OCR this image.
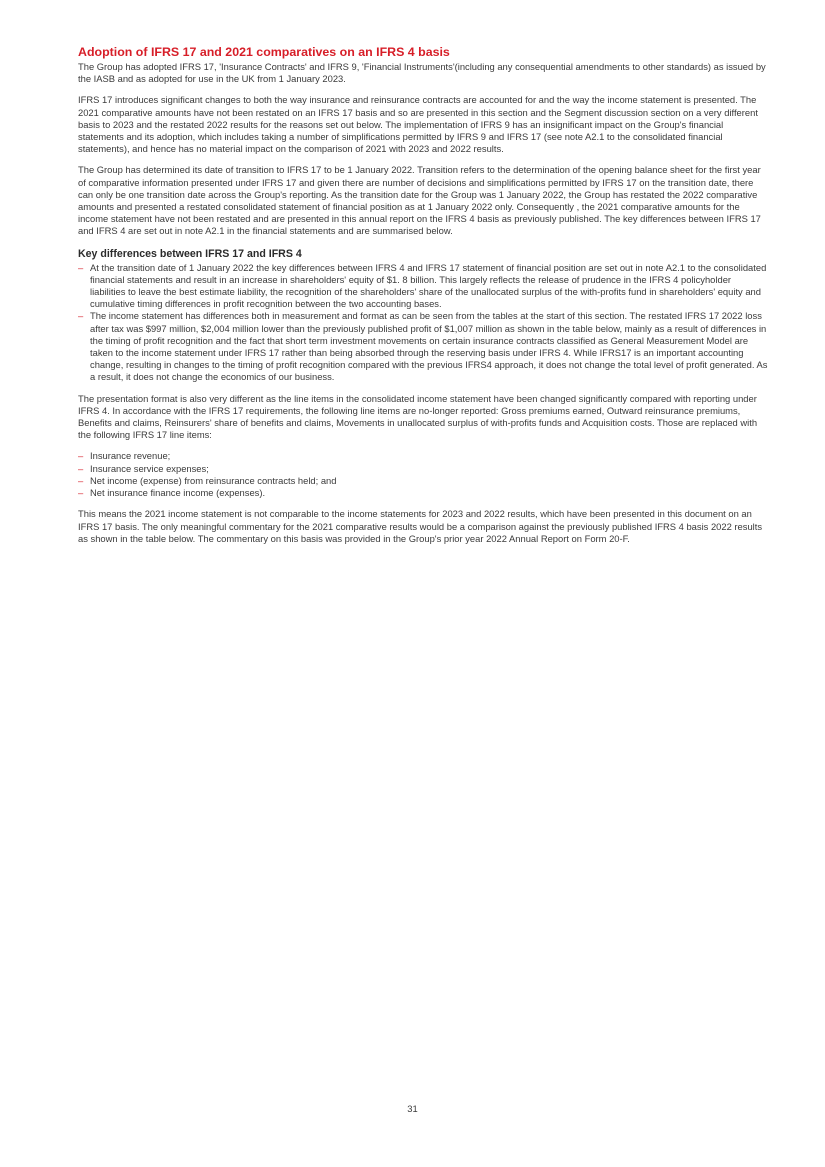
Adoption of IFRS 17 and 2021 comparatives on an IFRS 4 basis

The Group has adopted IFRS 17, 'Insurance Contracts' and IFRS 9, 'Financial Instruments'(including any consequential amendments to other standards) as issued by the IASB and as adopted for use in the UK from 1 January 2023.

IFRS 17 introduces significant changes to both the way insurance and reinsurance contracts are accounted for and the way the income statement is presented. The 2021 comparative amounts have not been restated on an IFRS 17 basis and so are presented in this section and the Segment discussion section on a very different basis to 2023 and the restated 2022 results for the reasons set out below. The implementation of IFRS 9 has an insignificant impact on the Group's financial statements and its adoption, which includes taking a number of simplifications permitted by IFRS 9 and IFRS 17 (see note A2.1 to the consolidated financial statements), and hence has no material impact on the comparison of 2021 with 2023 and 2022 results.

The Group has determined its date of transition to IFRS 17 to be 1 January 2022. Transition refers to the determination of the opening balance sheet for the first year of comparative information presented under IFRS 17 and given there are number of decisions and simplifications permitted by IFRS 17 on the transition date, there can only be one transition date across the Group's reporting. As the transition date for the Group was 1 January 2022, the Group has restated the 2022 comparative amounts and presented a restated consolidated statement of financial position as at 1 January 2022 only. Consequently , the 2021 comparative amounts for the income statement have not been restated and are presented in this annual report on the IFRS 4 basis as previously published. The key differences between IFRS 17 and IFRS 4 are set out in note A2.1 in the financial statements and are summarised below.

Key differences between IFRS 17 and IFRS 4
– At the transition date of 1 January 2022 the key differences between IFRS 4 and IFRS 17 statement of financial position are set out in note A2.1 to the consolidated financial statements and result in an increase in shareholders' equity of $1. 8 billion. This largely reflects the release of prudence in the IFRS 4 policyholder liabilities to leave the best estimate liability, the recognition of the shareholders' share of the unallocated surplus of the with-profits fund in shareholders' equity and cumulative timing differences in profit recognition between the two accounting bases.
– The income statement has differences both in measurement and format as can be seen from the tables at the start of this section. The restated IFRS 17 2022 loss after tax was $997 million, $2,004 million lower than the previously published profit of $1,007 million as shown in the table below, mainly as a result of differences in the timing of profit recognition and the fact that short term investment movements on certain insurance contracts classified as General Measurement Model are taken to the income statement under IFRS 17 rather than being absorbed through the reserving basis under IFRS 4. While IFRS17 is an important accounting change, resulting in changes to the timing of profit recognition compared with the previous IFRS4 approach, it does not change the total level of profit generated. As a result, it does not change the economics of our business.

The presentation format is also very different as the line items in the consolidated income statement have been changed significantly compared with reporting under IFRS 4. In accordance with the IFRS 17 requirements, the following line items are no-longer reported: Gross premiums earned, Outward reinsurance premiums, Benefits and claims, Reinsurers' share of benefits and claims, Movements in unallocated surplus of with-profits funds and Acquisition costs. Those are replaced with the following IFRS 17 line items:

– Insurance revenue;
– Insurance service expenses;
– Net income (expense) from reinsurance contracts held; and
– Net insurance finance income (expenses).

This means the 2021 income statement is not comparable to the income statements for 2023 and 2022 results, which have been presented in this document on an IFRS 17 basis. The only meaningful commentary for the 2021 comparative results would be a comparison against the previously published IFRS 4 basis 2022 results as shown in the table below. The commentary on this basis was provided in the Group's prior year 2022 Annual Report on Form 20-F.

31
